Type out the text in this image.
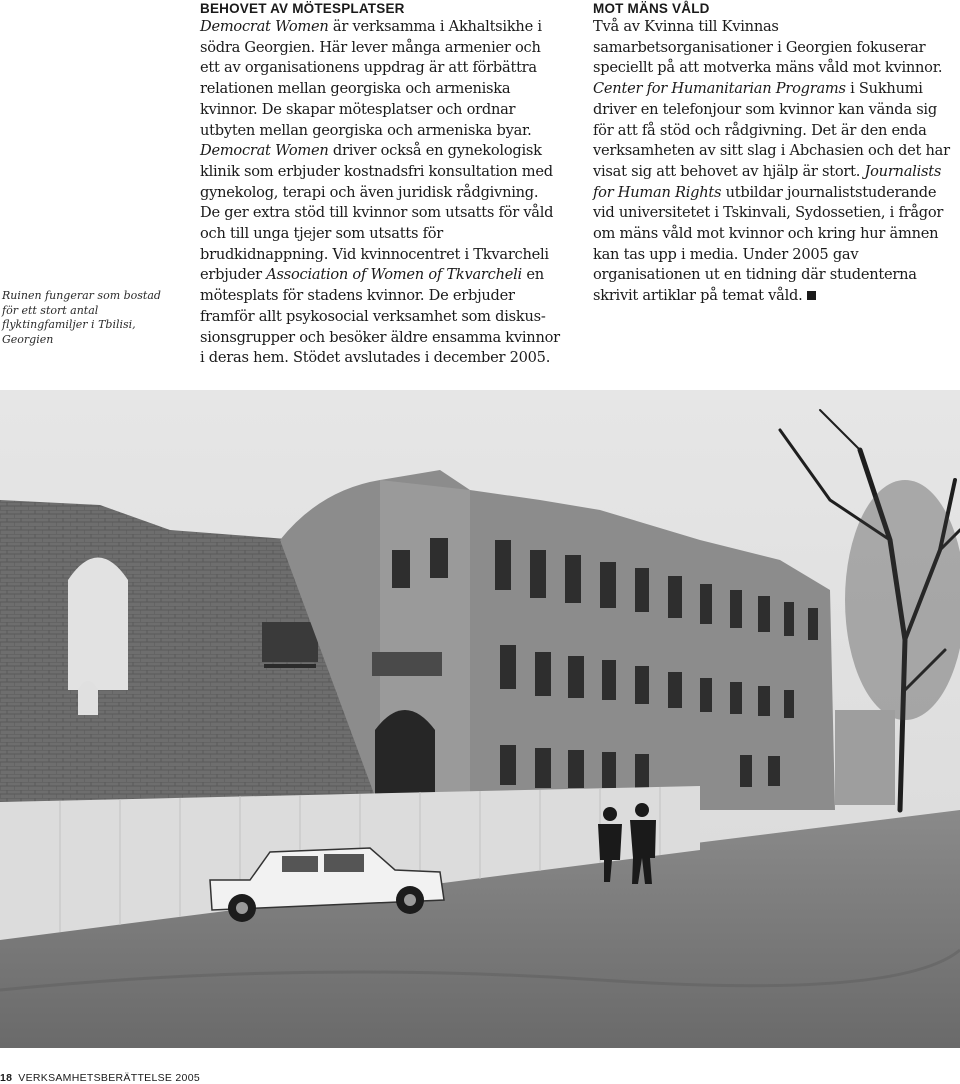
Ruinen fungerar som bostad för ett stort antal flyktingfamiljer i Tbilisi, Georgien
BEHOVET AV MÖTESPLATSER

Democrat Women är verksamma i Akhaltsikhe i södra Georgien. Här lever många armenier och ett av organisationens uppdrag är att förbättra relationen mellan georgiska och armeniska kvinnor. De skapar mötesplatser och ordnar utbyten mellan georgiska och armeniska byar. Democrat Women driver också en gynekologisk klinik som erbjuder kostnadsfri konsultation med gynekolog, terapi och även juridisk rådgivning. De ger extra stöd till kvinnor som utsatts för våld och till unga tjejer som utsatts för brudkidnappning. Vid kvinnocentret i Tkvarcheli erbjuder Association of Women of Tkvarcheli en mötesplats för stadens kvinnor. De erbjuder framför allt psykosocial verksamhet som diskussionsgrupper och besöker äldre ensamma kvinnor i deras hem. Stödet avslutades i december 2005.

MOT MÄNS VÅLD

Två av Kvinna till Kvinnas samarbetsorganisationer i Georgien fokuserar speciellt på att motverka mäns våld mot kvinnor. Center for Humanitarian Programs i Sukhumi driver en telefonjour som kvinnor kan vända sig för att få stöd och rådgivning. Det är den enda verksamheten av sitt slag i Abchasien och det har visat sig att behovet av hjälp är stort. Journalists for Human Rights utbildar journaliststuderande vid universitetet i Tskinvali, Sydossetien, i frågor om mäns våld mot kvinnor och kring hur ämnen kan tas upp i media. Under 2005 gav organisationen ut en tidning där studenterna skrivit artiklar på temat våld.

18 VERKSAMHETSBERÄTTELSE 2005
